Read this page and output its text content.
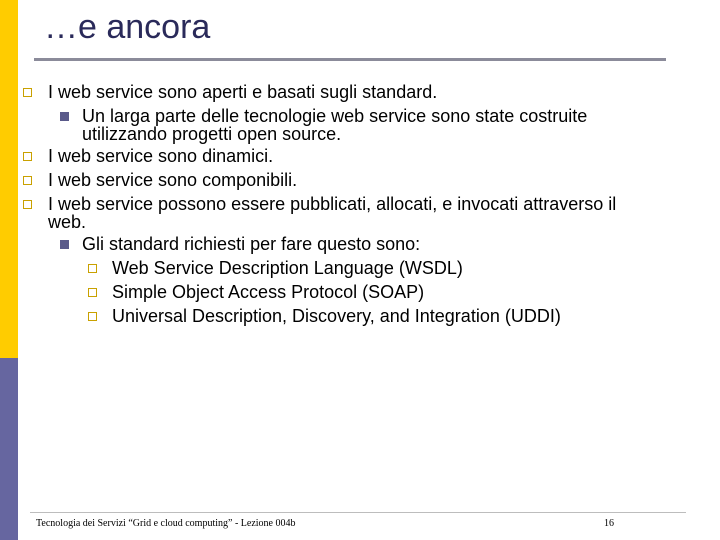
…e ancora
I web service sono aperti e basati sugli standard.
Un larga parte delle tecnologie web service sono state costruite
utilizzando progetti open source.
I web service sono dinamici.
I web service sono componibili.
I web service possono essere pubblicati, allocati, e invocati attraverso il
web.
Gli standard richiesti per fare questo sono:
Web Service Description Language (WSDL)
Simple Object Access Protocol (SOAP)
Universal Description, Discovery, and Integration (UDDI)
Tecnologia dei Servizi “Grid e cloud computing” - Lezione 004b	16
